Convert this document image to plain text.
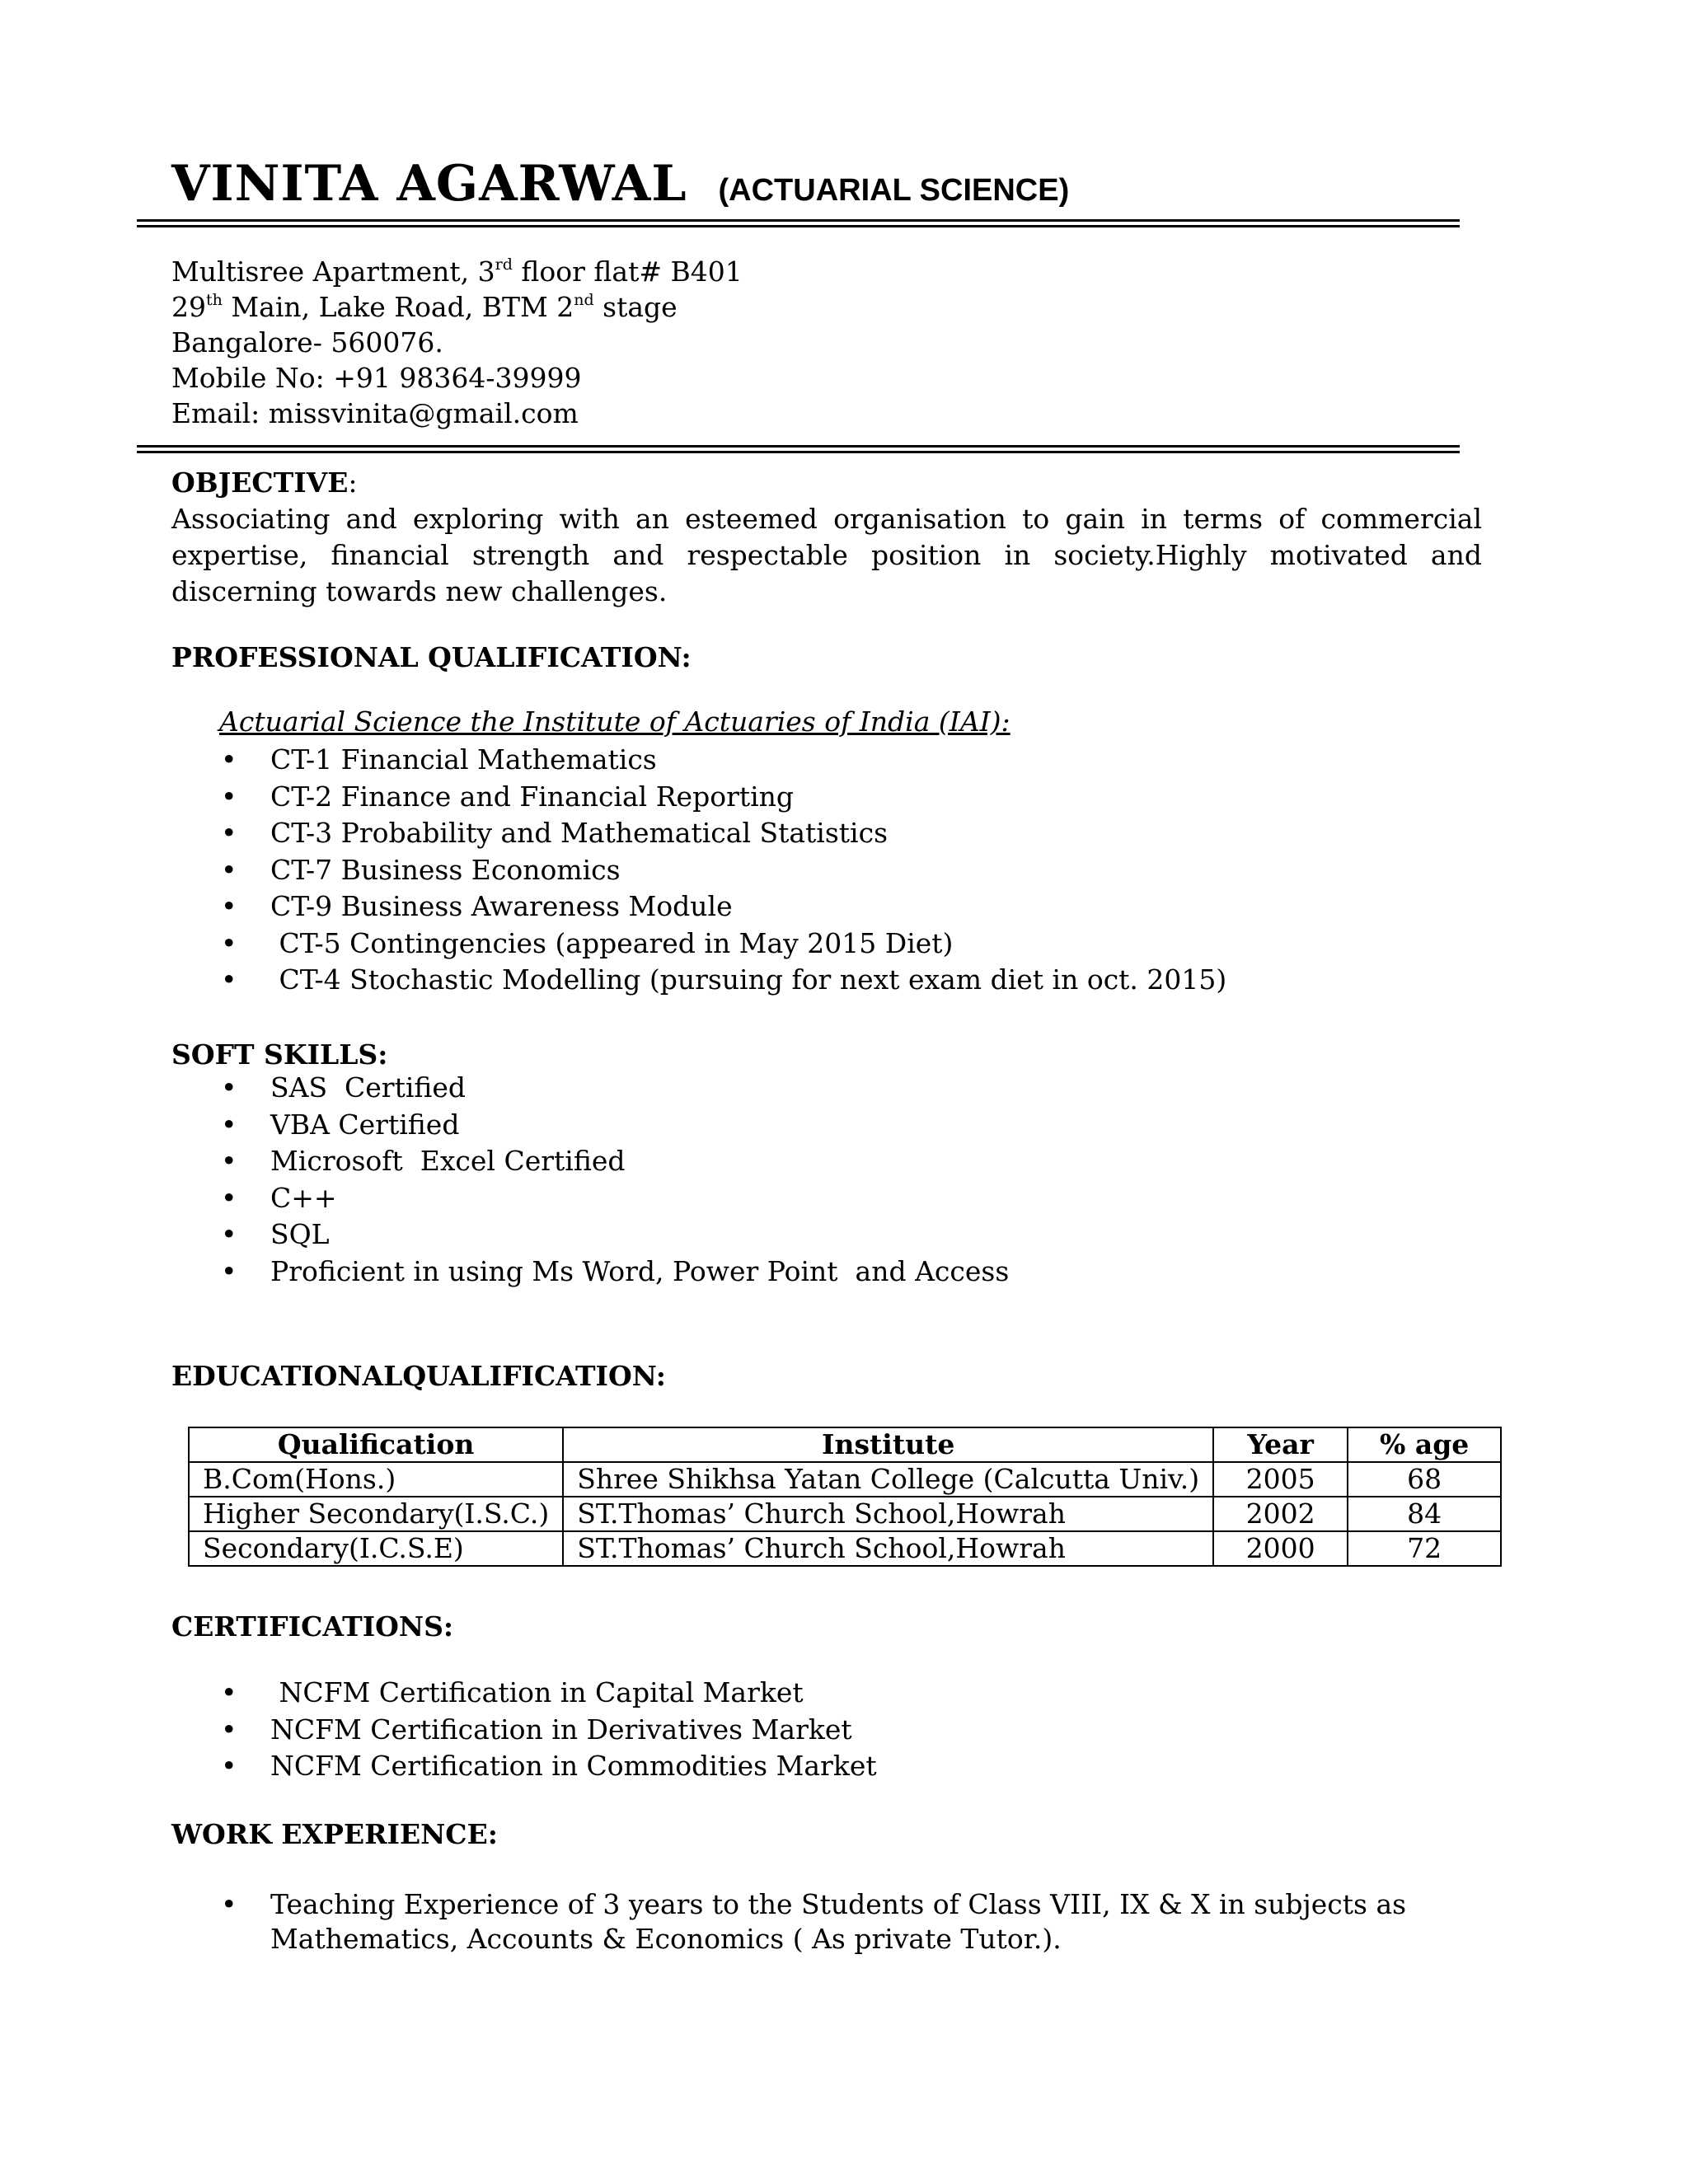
VINITA AGARWAL (ACTUARIAL SCIENCE)
Multisree Apartment, 3rd floor flat# B401
29th Main, Lake Road, BTM 2nd stage
Bangalore- 560076.
Mobile No: +91 98364-39999
Email: missvinita@gmail.com
OBJECTIVE:
Associating and exploring with an esteemed organisation to gain in terms of commercial expertise, financial strength and respectable position in society.Highly motivated and discerning towards new challenges.
PROFESSIONAL QUALIFICATION:
Actuarial Science the Institute of Actuaries of India (IAI):
• CT-1 Financial Mathematics
• CT-2 Finance and Financial Reporting
• CT-3 Probability and Mathematical Statistics
• CT-7 Business Economics
• CT-9 Business Awareness Module
• CT-5 Contingencies (appeared in May 2015 Diet)
• CT-4 Stochastic Modelling (pursuing for next exam diet in oct. 2015)
SOFT SKILLS:
• SAS  Certified
• VBA Certified
• Microsoft  Excel Certified
• C++
• SQL
• Proficient in using Ms Word, Power Point  and Access
EDUCATIONALQUALIFICATION:
Qualification	Institute	Year	% age
B.Com(Hons.)	Shree Shikhsa Yatan College (Calcutta Univ.)	2005	68
Higher Secondary(I.S.C.)	ST.Thomas’ Church School,Howrah	2002	84
Secondary(I.C.S.E)	ST.Thomas’ Church School,Howrah	2000	72
CERTIFICATIONS:
• NCFM Certification in Capital Market
• NCFM Certification in Derivatives Market
• NCFM Certification in Commodities Market
WORK EXPERIENCE:
• Teaching Experience of 3 years to the Students of Class VIII, IX & X in subjects as Mathematics, Accounts & Economics ( As private Tutor.).
